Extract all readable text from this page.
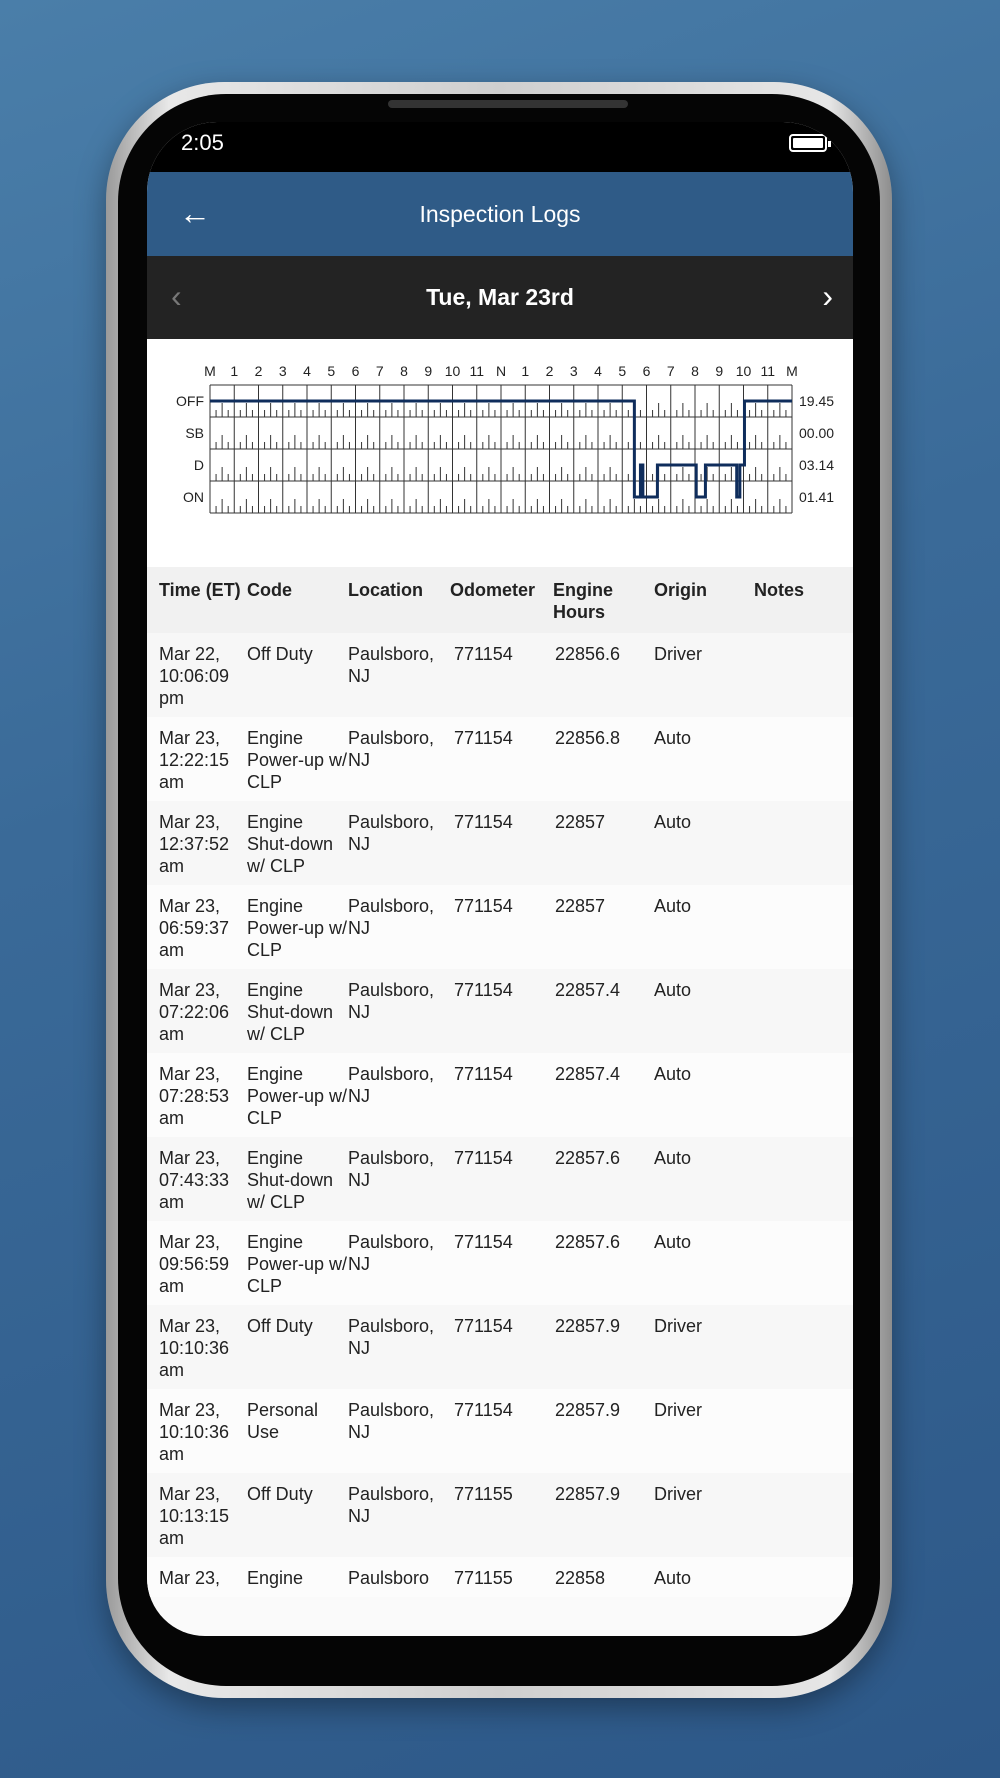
2:05
←	Inspection Logs
‹	Tue, Mar 23rd	›
M 1 2 3 4 5 6 7 8 9 10 11 N 1 2 3 4 5 6 7 8 9 10 11 M
OFF	19.45
SB	00.00
D	03.14
ON	01.41
Time (ET)	Code	Location	Odometer	Engine Hours	Origin	Notes
Mar 22, 10:06:09 pm	Off Duty	Paulsboro, NJ	771154	22856.6	Driver	
Mar 23, 12:22:15 am	Engine Power-up w/ CLP	Paulsboro, NJ	771154	22856.8	Auto	
Mar 23, 12:37:52 am	Engine Shut-down w/ CLP	Paulsboro, NJ	771154	22857	Auto	
Mar 23, 06:59:37 am	Engine Power-up w/ CLP	Paulsboro, NJ	771154	22857	Auto	
Mar 23, 07:22:06 am	Engine Shut-down w/ CLP	Paulsboro, NJ	771154	22857.4	Auto	
Mar 23, 07:28:53 am	Engine Power-up w/ CLP	Paulsboro, NJ	771154	22857.4	Auto	
Mar 23, 07:43:33 am	Engine Shut-down w/ CLP	Paulsboro, NJ	771154	22857.6	Auto	
Mar 23, 09:56:59 am	Engine Power-up w/ CLP	Paulsboro, NJ	771154	22857.6	Auto	
Mar 23, 10:10:36 am	Off Duty	Paulsboro, NJ	771154	22857.9	Driver	
Mar 23, 10:10:36 am	Personal Use	Paulsboro, NJ	771154	22857.9	Driver	
Mar 23, 10:13:15 am	Off Duty	Paulsboro, NJ	771155	22857.9	Driver	
Mar 23,	Engine	Paulsboro	771155	22858	Auto	
